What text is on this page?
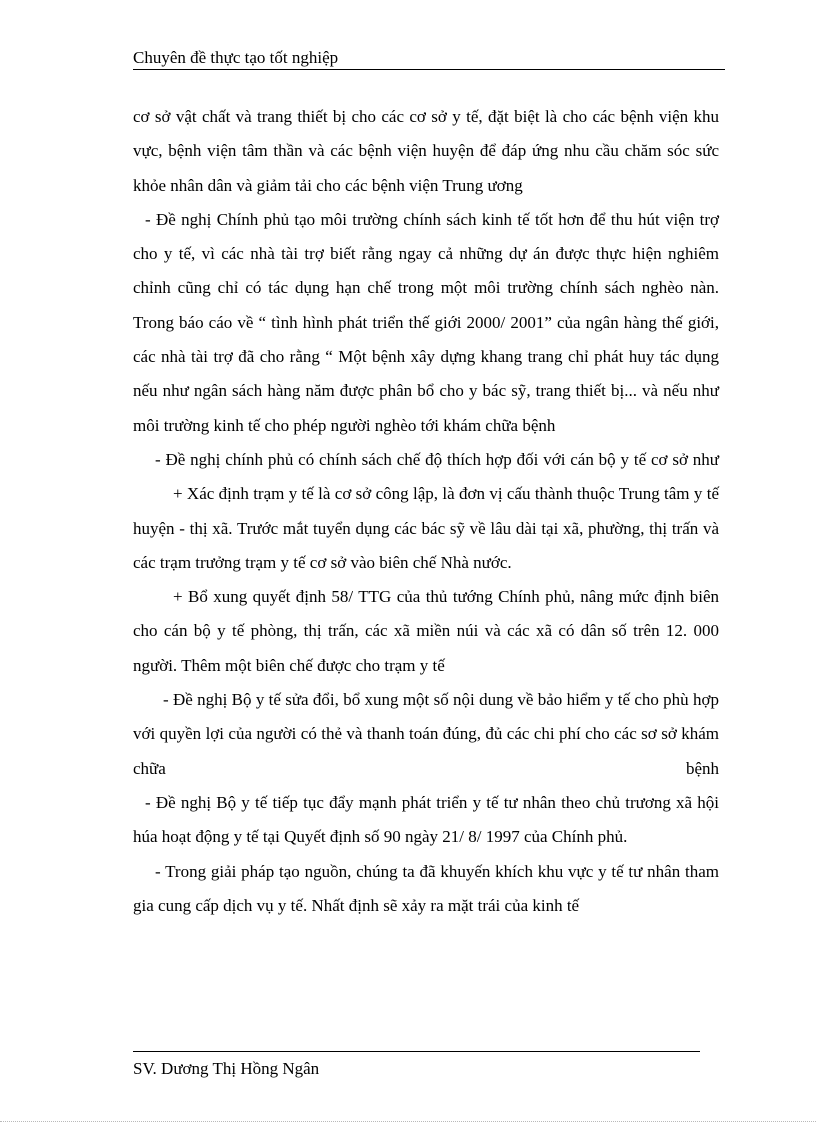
Chuyên đề thực tạo tốt nghiệp

cơ sở vật chất và trang thiết bị cho các cơ sở y tế, đặt biệt là cho các bệnh viện khu vực, bệnh viện tâm thần và các bệnh viện huyện để đáp ứng nhu cầu chăm sóc sức khỏe nhân dân và giảm tải cho các bệnh viện Trung ương

- Đề nghị Chính phủ tạo môi trường chính sách kinh tế tốt hơn để thu hút viện trợ cho y tế, vì các nhà tài trợ biết rằng ngay cả những dự án được thực hiện nghiêm chỉnh cũng chỉ có tác dụng hạn chế trong một môi trường chính sách nghèo nàn. Trong báo cáo về “ tình hình phát triển thế giới 2000/ 2001” của ngân hàng thế giới, các nhà tài trợ đã cho rằng “ Một bệnh xây dựng khang trang chỉ phát huy tác dụng nếu như ngân sách hàng năm được phân bổ cho y bác sỹ, trang thiết bị... và nếu như môi trường kinh tế cho phép người nghèo tới khám chữa bệnh

- Đề nghị chính phủ có chính sách chế độ thích hợp đối với cán bộ y tế cơ sở như

+ Xác định trạm y tế là cơ sở công lập, là đơn vị cấu thành thuộc Trung tâm y tế huyện - thị xã. Trước mắt tuyển dụng các bác sỹ về lâu dài tại xã, phường, thị trấn và các trạm trưởng trạm y tế cơ sở vào biên chế Nhà nước.

+ Bổ xung quyết định 58/ TTG của thủ tướng Chính phủ, nâng mức định biên cho cán bộ y tế phòng, thị trấn, các xã miền núi và các xã có dân số trên 12. 000 người. Thêm một biên chế được cho trạm y tế

- Đề nghị Bộ y tế sửa đổi, bổ xung một số nội dung về bảo hiểm y tế cho phù hợp với quyền lợi của người có thẻ và thanh toán đúng, đủ các chi phí cho các sơ sở khám chữa bệnh

- Đề nghị Bộ y tế tiếp tục đẩy mạnh phát triển y tế tư nhân theo chủ trương xã hội húa hoạt động y tế tại Quyết định số 90 ngày 21/ 8/ 1997 của Chính phủ.

- Trong giải pháp tạo nguồn, chúng ta đã khuyến khích khu vực y tế tư nhân tham gia cung cấp dịch vụ y tế. Nhất định sẽ xảy ra mặt trái của kinh tế

SV. Dương Thị Hồng Ngân
